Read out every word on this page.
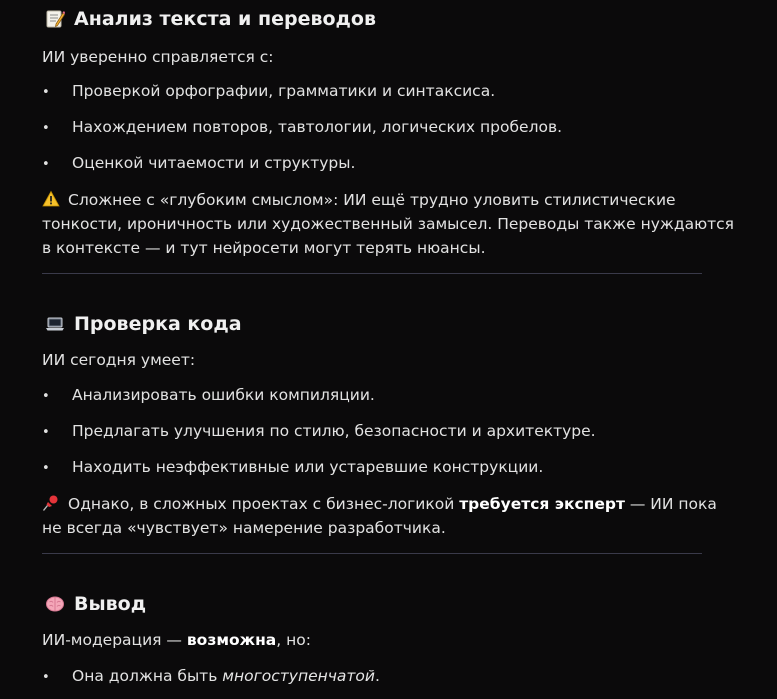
Анализ текста и переводов
ИИ уверенно справляется с:
• Проверкой орфографии, грамматики и синтаксиса.
• Нахождением повторов, тавтологии, логических пробелов.
• Оценкой читаемости и структуры.
Сложнее с «глубоким смыслом»: ИИ ещё трудно уловить стилистические
тонкости, ироничность или художественный замысел. Переводы также нуждаются
в контексте — и тут нейросети могут терять нюансы.
Проверка кода
ИИ сегодня умеет:
• Анализировать ошибки компиляции.
• Предлагать улучшения по стилю, безопасности и архитектуре.
• Находить неэффективные или устаревшие конструкции.
Однако, в сложных проектах с бизнес-логикой требуется эксперт — ИИ пока
не всегда «чувствует» намерение разработчика.
Вывод
ИИ-модерация — возможна, но:
• Она должна быть многоступенчатой.
